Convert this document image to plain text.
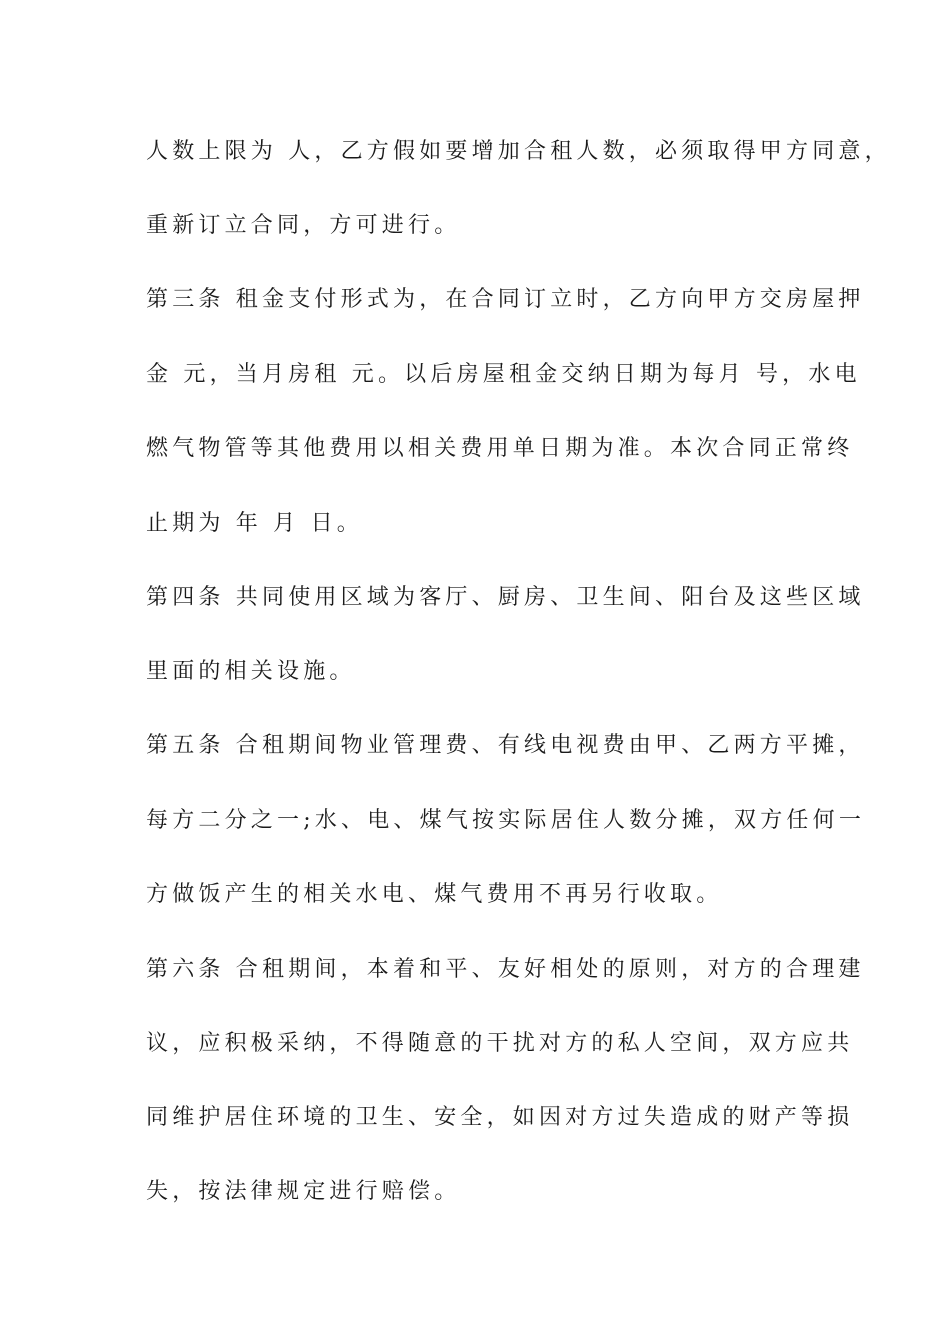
人数上限为 人，乙方假如要增加合租人数，必须取得甲方同意，

重新订立合同，方可进行。

第三条 租金支付形式为，在合同订立时，乙方向甲方交房屋押

金 元，当月房租 元。以后房屋租金交纳日期为每月 号，水电

燃气物管等其他费用以相关费用单日期为准。本次合同正常终

止期为 年 月 日。

第四条 共同使用区域为客厅、厨房、卫生间、阳台及这些区域

里面的相关设施。

第五条 合租期间物业管理费、有线电视费由甲、乙两方平摊，

每方二分之一;水、电、煤气按实际居住人数分摊，双方任何一

方做饭产生的相关水电、煤气费用不再另行收取。

第六条 合租期间，本着和平、友好相处的原则，对方的合理建

议，应积极采纳，不得随意的干扰对方的私人空间，双方应共

同维护居住环境的卫生、安全，如因对方过失造成的财产等损

失，按法律规定进行赔偿。
